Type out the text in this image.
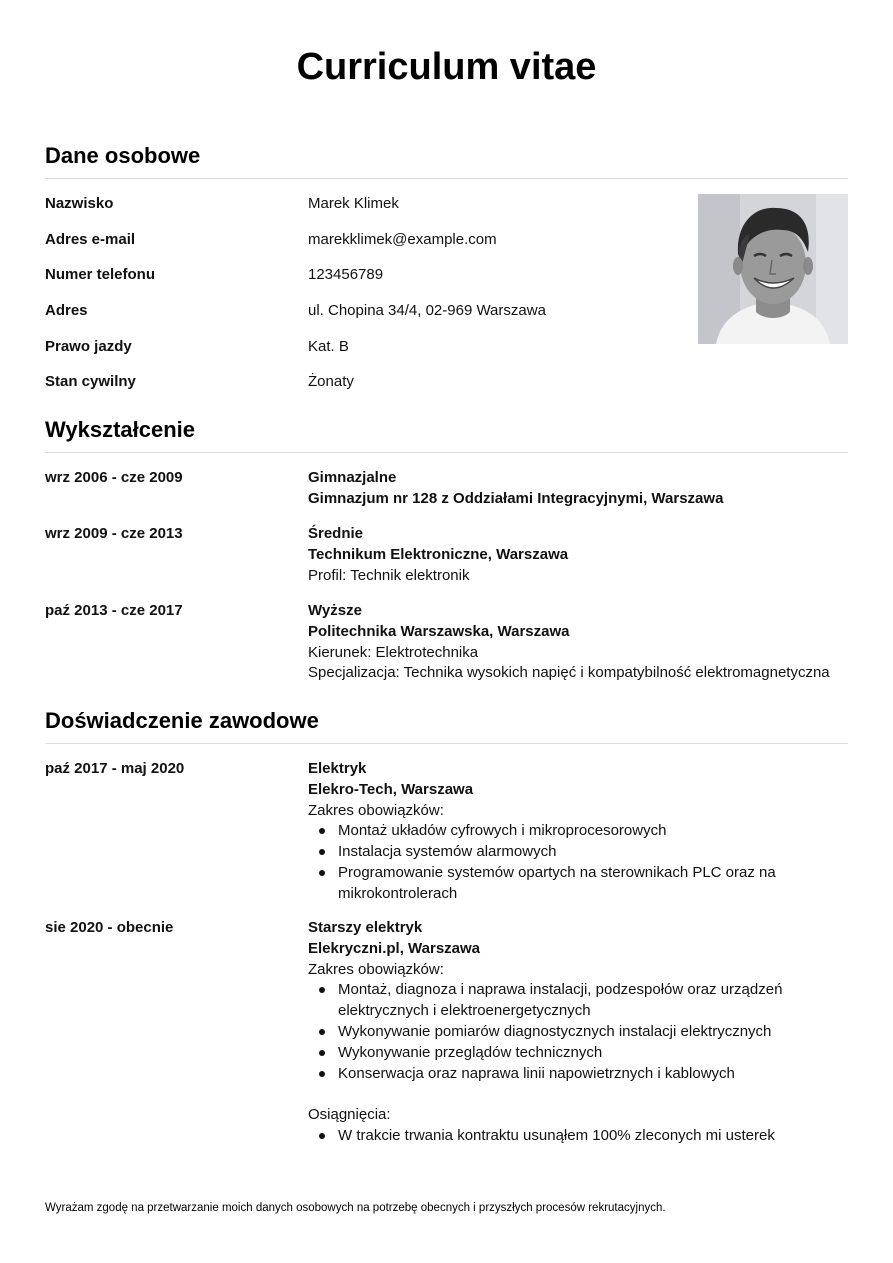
Curriculum vitae
Dane osobowe
Nazwisko	Marek Klimek
Adres e-mail	marekklimek@example.com
Numer telefonu	123456789
Adres	ul. Chopina 34/4, 02-969 Warszawa
Prawo jazdy	Kat. B
Stan cywilny	Żonaty
Wykształcenie
wrz 2006 - cze 2009	Gimnazjalne
Gimnazjum nr 128 z Oddziałami Integracyjnymi, Warszawa
wrz 2009 - cze 2013	Średnie
Technikum Elektroniczne, Warszawa
Profil: Technik elektronik
paź 2013 - cze 2017	Wyższe
Politechnika Warszawska, Warszawa
Kierunek: Elektrotechnika
Specjalizacja: Technika wysokich napięć i kompatybilność elektromagnetyczna
Doświadczenie zawodowe
paź 2017 - maj 2020	Elektryk
Elekro-Tech, Warszawa
Zakres obowiązków:
Montaż układów cyfrowych i mikroprocesorowych
Instalacja systemów alarmowych
Programowanie systemów opartych na sterownikach PLC oraz na mikrokontrolerach
sie 2020 - obecnie	Starszy elektryk
Elekryczni.pl, Warszawa
Zakres obowiązków:
Montaż, diagnoza i naprawa instalacji, podzespołów oraz urządzeń elektrycznych i elektroenergetycznych
Wykonywanie pomiarów diagnostycznych instalacji elektrycznych
Wykonywanie przeglądów technicznych
Konserwacja oraz naprawa linii napowietrznych i kablowych
Osiągnięcia:
W trakcie trwania kontraktu usunąłem 100% zleconych mi usterek
Wyrażam zgodę na przetwarzanie moich danych osobowych na potrzebę obecnych i przyszłych procesów rekrutacyjnych.
